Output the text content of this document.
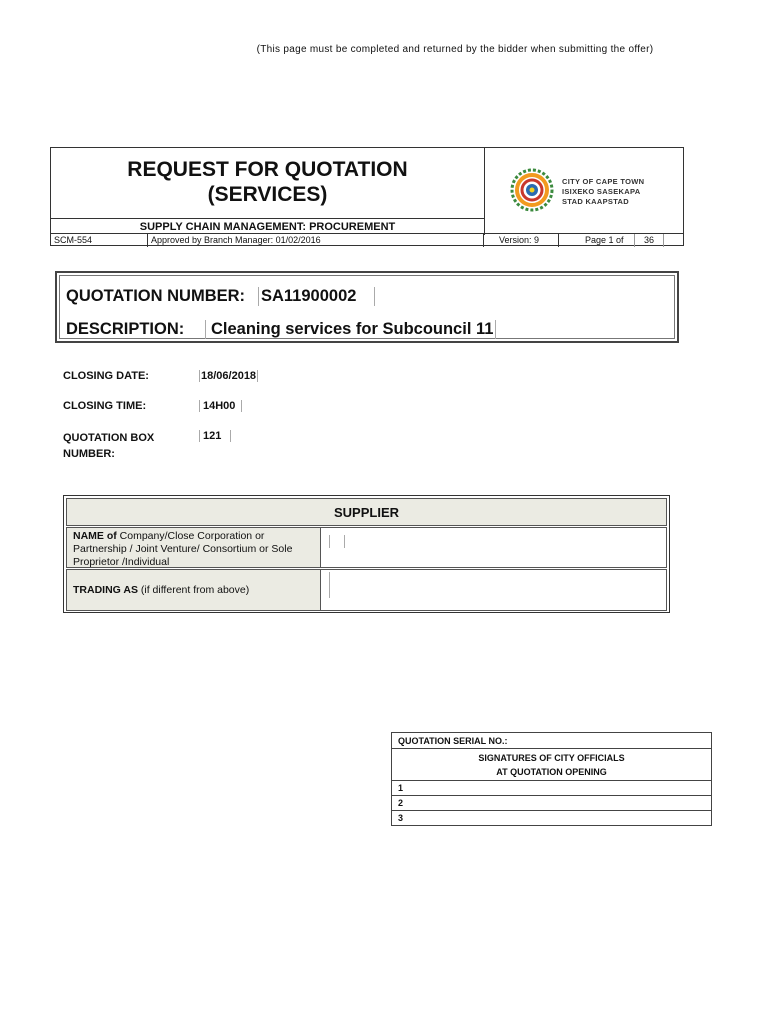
(This page must be completed and returned by the bidder when submitting the offer)
REQUEST FOR QUOTATION
(SERVICES)
CITY OF CAPE TOWN
ISIXEKO SASEKAPA
STAD KAAPSTAD
SUPPLY CHAIN MANAGEMENT: PROCUREMENT
SCM-554	Approved by Branch Manager: 01/02/2016	Version: 9	Page 1 of	36
QUOTATION NUMBER: SA11900002
DESCRIPTION:	Cleaning services for Subcouncil 11
CLOSING DATE:	18/06/2018
CLOSING TIME:	14H00
QUOTATION BOX
NUMBER:
121
SUPPLIER
NAME of Company/Close Corporation or Partnership / Joint Venture/ Consortium or Sole Proprietor /Individual
TRADING AS (if different from above)
QUOTATION SERIAL NO.:
SIGNATURES OF CITY OFFICIALS
AT QUOTATION OPENING
1
2
3
